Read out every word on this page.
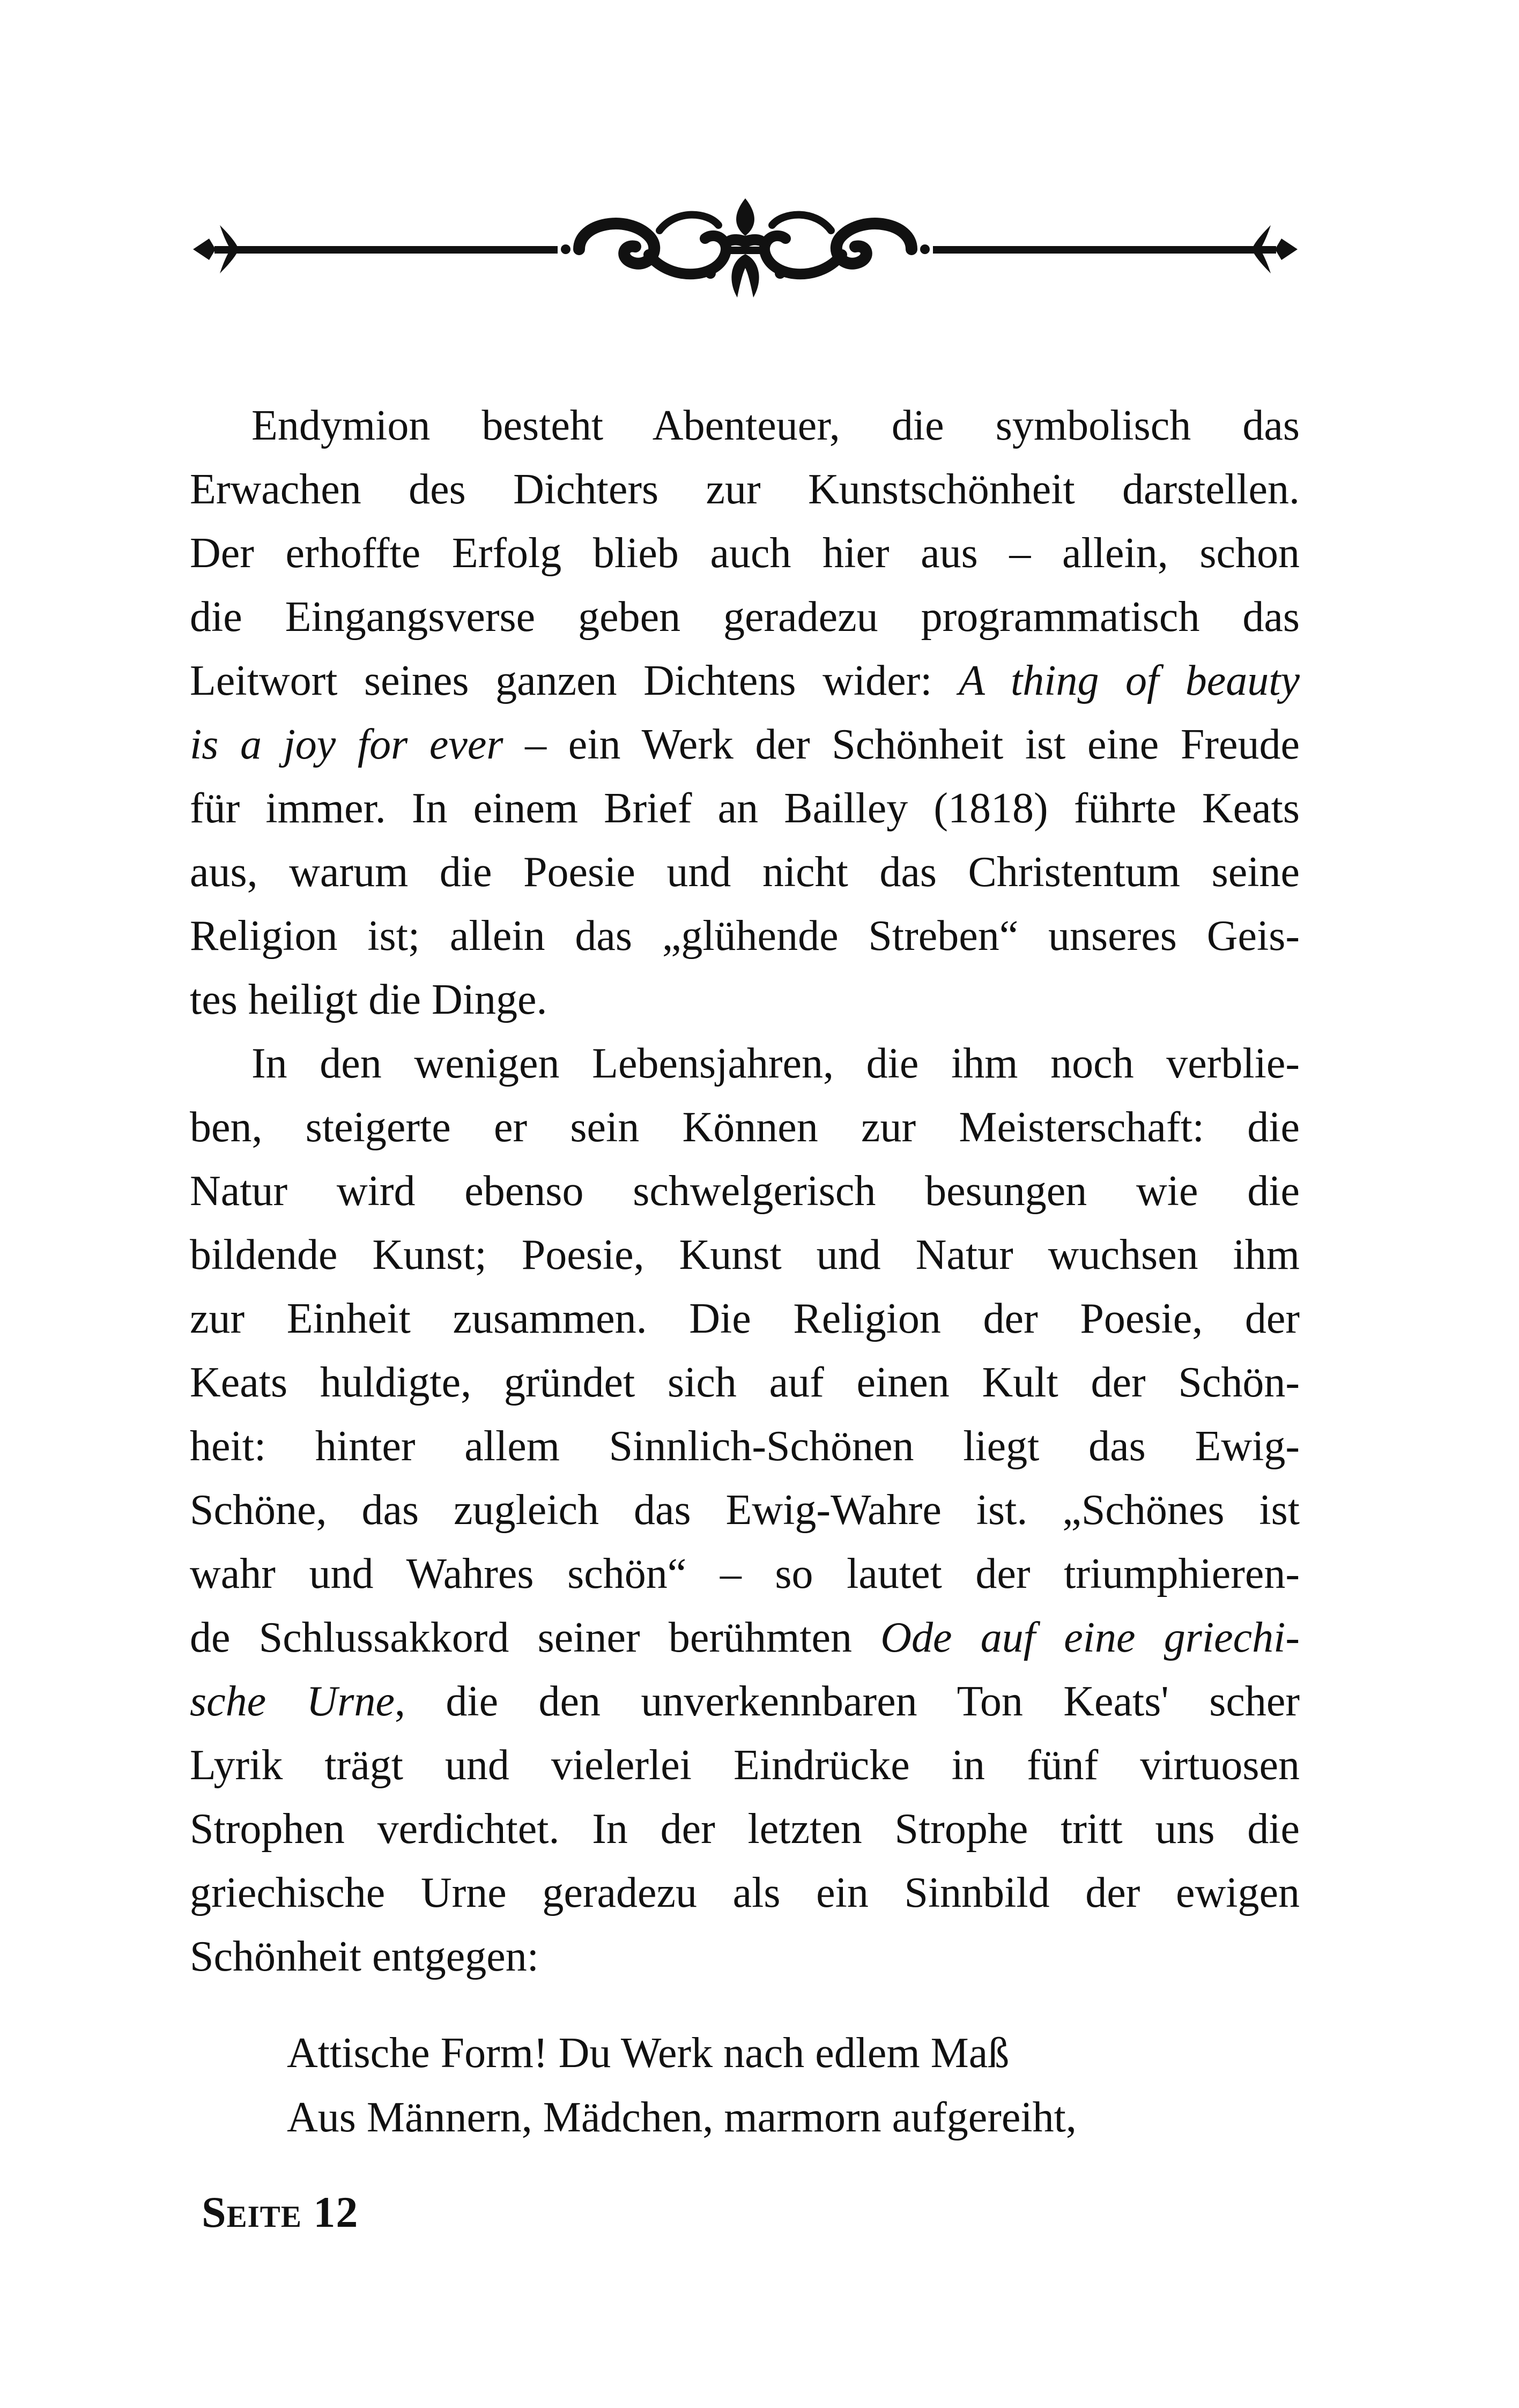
Endymion besteht Abenteuer, die symbolisch das
Erwachen des Dichters zur Kunstschönheit darstellen.
Der erhoffte Erfolg blieb auch hier aus – allein, schon
die Eingangsverse geben geradezu programmatisch das
Leitwort seines ganzen Dichtens wider: A thing of beauty
is a joy for ever – ein Werk der Schönheit ist eine Freude
für immer. In einem Brief an Bailley (1818) führte Keats
aus, warum die Poesie und nicht das Christentum seine
Religion ist; allein das „glühende Streben“ unseres Geis-
tes heiligt die Dinge.
In den wenigen Lebensjahren, die ihm noch verblie-
ben, steigerte er sein Können zur Meisterschaft: die
Natur wird ebenso schwelgerisch besungen wie die
bildende Kunst; Poesie, Kunst und Natur wuchsen ihm
zur Einheit zusammen. Die Religion der Poesie, der
Keats huldigte, gründet sich auf einen Kult der Schön-
heit: hinter allem Sinnlich-Schönen liegt das Ewig-
Schöne, das zugleich das Ewig-Wahre ist. „Schönes ist
wahr und Wahres schön“ – so lautet der triumphieren-
de Schlussakkord seiner berühmten Ode auf eine griechi-
sche Urne, die den unverkennbaren Ton Keats' scher
Lyrik trägt und vielerlei Eindrücke in fünf virtuosen
Strophen verdichtet. In der letzten Strophe tritt uns die
griechische Urne geradezu als ein Sinnbild der ewigen
Schönheit entgegen:
Attische Form! Du Werk nach edlem Maß
Aus Männern, Mädchen, marmorn aufgereiht,
Seite 12
